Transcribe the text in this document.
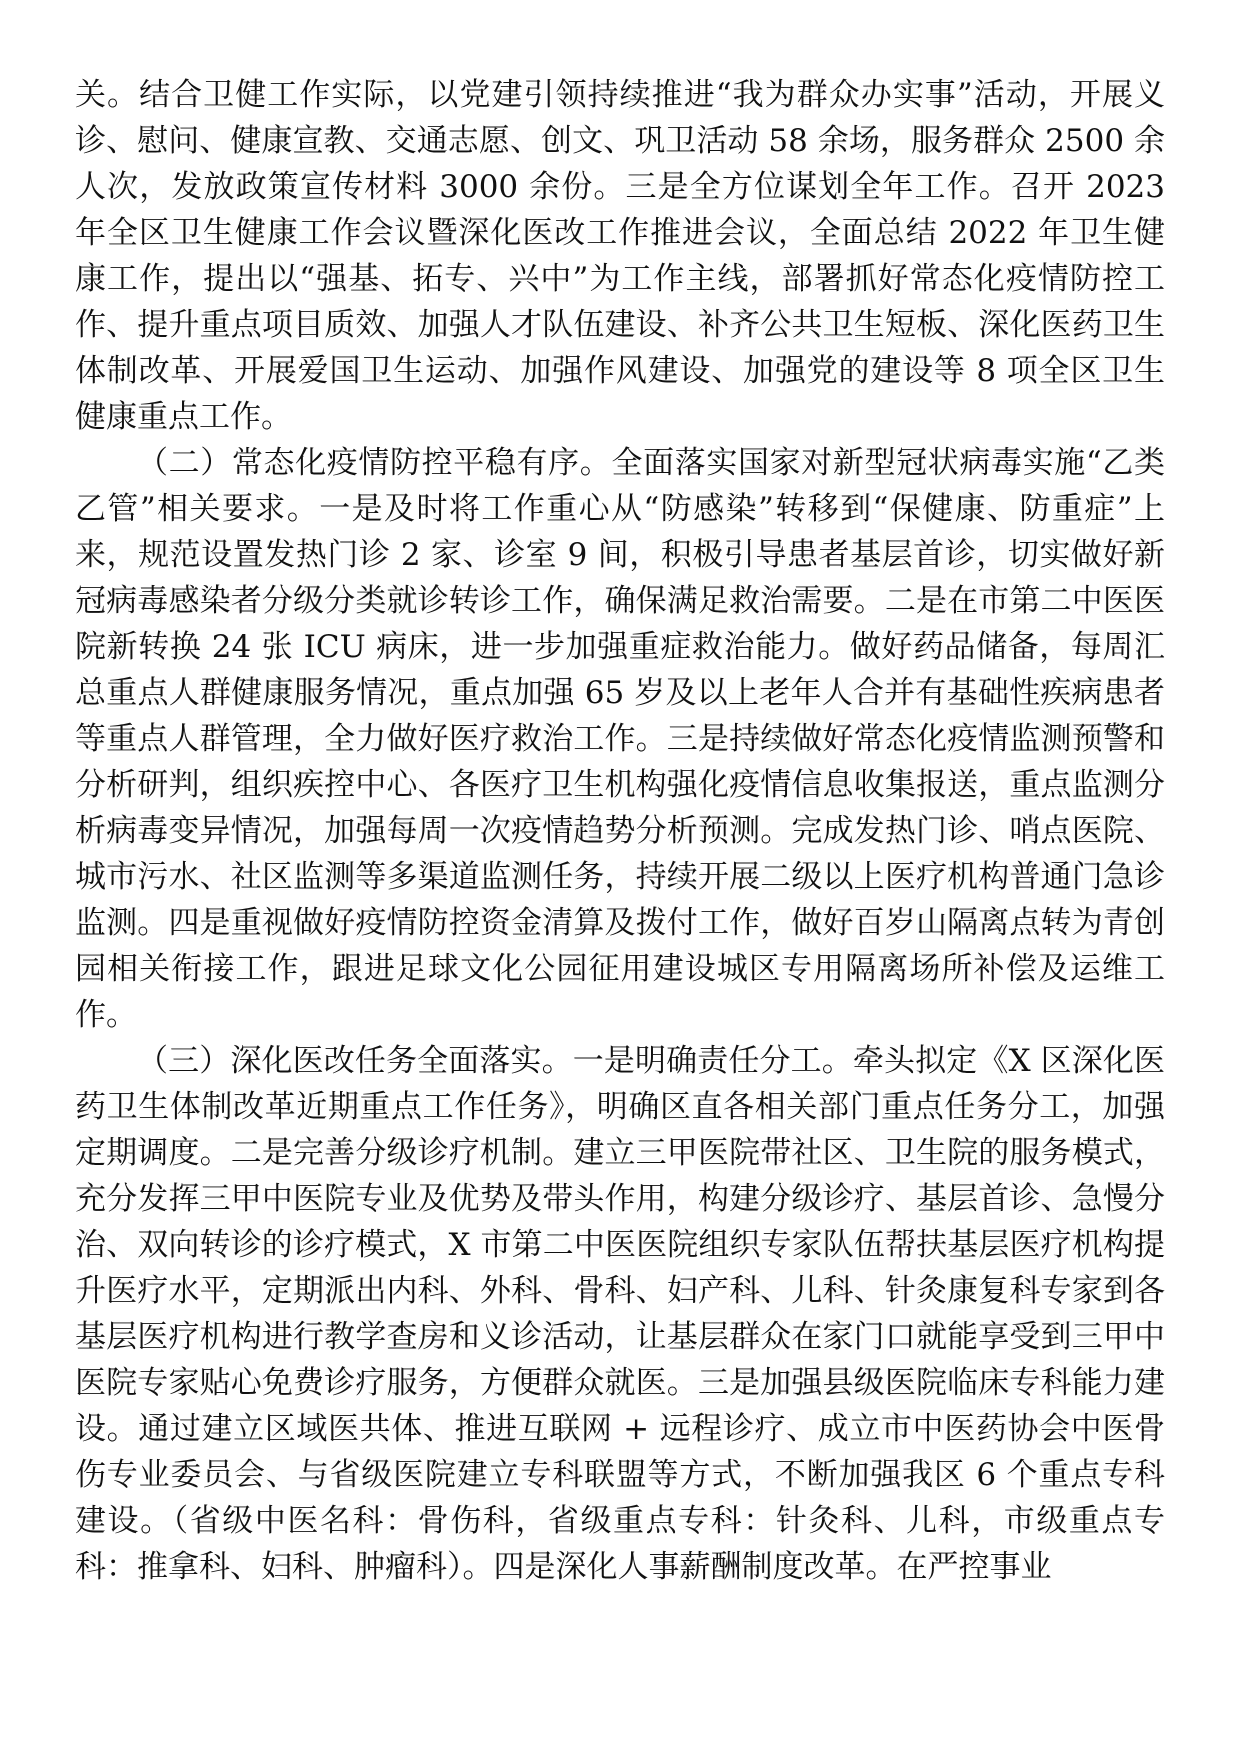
关。结合卫健工作实际，以党建引领持续推进“我为群众办实事”活动，开展义诊、慰问、健康宣教、交通志愿、创文、巩卫活动 58 余场，服务群众 2500 余人次，发放政策宣传材料 3000 余份。三是全方位谋划全年工作。召开 2023 年全区卫生健康工作会议暨深化医改工作推进会议，全面总结 2022 年卫生健康工作，提出以“强基、拓专、兴中”为工作主线，部署抓好常态化疫情防控工作、提升重点项目质效、加强人才队伍建设、补齐公共卫生短板、深化医药卫生体制改革、开展爱国卫生运动、加强作风建设、加强党的建设等 8 项全区卫生健康重点工作。

（二）常态化疫情防控平稳有序。全面落实国家对新型冠状病毒实施“乙类乙管”相关要求。一是及时将工作重心从“防感染”转移到“保健康、防重症”上来，规范设置发热门诊 2 家、诊室 9 间，积极引导患者基层首诊，切实做好新冠病毒感染者分级分类就诊转诊工作，确保满足救治需要。二是在市第二中医医院新转换 24 张 ICU 病床，进一步加强重症救治能力。做好药品储备，每周汇总重点人群健康服务情况，重点加强 65 岁及以上老年人合并有基础性疾病患者等重点人群管理，全力做好医疗救治工作。三是持续做好常态化疫情监测预警和分析研判，组织疾控中心、各医疗卫生机构强化疫情信息收集报送，重点监测分析病毒变异情况，加强每周一次疫情趋势分析预测。完成发热门诊、哨点医院、城市污水、社区监测等多渠道监测任务，持续开展二级以上医疗机构普通门急诊监测。四是重视做好疫情防控资金清算及拨付工作，做好百岁山隔离点转为青创园相关衔接工作，跟进足球文化公园征用建设城区专用隔离场所补偿及运维工作。

（三）深化医改任务全面落实。一是明确责任分工。牵头拟定《X 区深化医药卫生体制改革近期重点工作任务》，明确区直各相关部门重点任务分工，加强定期调度。二是完善分级诊疗机制。建立三甲医院带社区、卫生院的服务模式，充分发挥三甲中医院专业及优势及带头作用，构建分级诊疗、基层首诊、急慢分治、双向转诊的诊疗模式，X 市第二中医医院组织专家队伍帮扶基层医疗机构提升医疗水平，定期派出内科、外科、骨科、妇产科、儿科、针灸康复科专家到各基层医疗机构进行教学查房和义诊活动，让基层群众在家门口就能享受到三甲中医院专家贴心免费诊疗服务，方便群众就医。三是加强县级医院临床专科能力建设。通过建立区域医共体、推进互联网 + 远程诊疗、成立市中医药协会中医骨伤专业委员会、与省级医院建立专科联盟等方式，不断加强我区 6 个重点专科建设。（省级中医名科：骨伤科，省级重点专科：针灸科、儿科，市级重点专科：推拿科、妇科、肿瘤科）。四是深化人事薪酬制度改革。在严控事业
